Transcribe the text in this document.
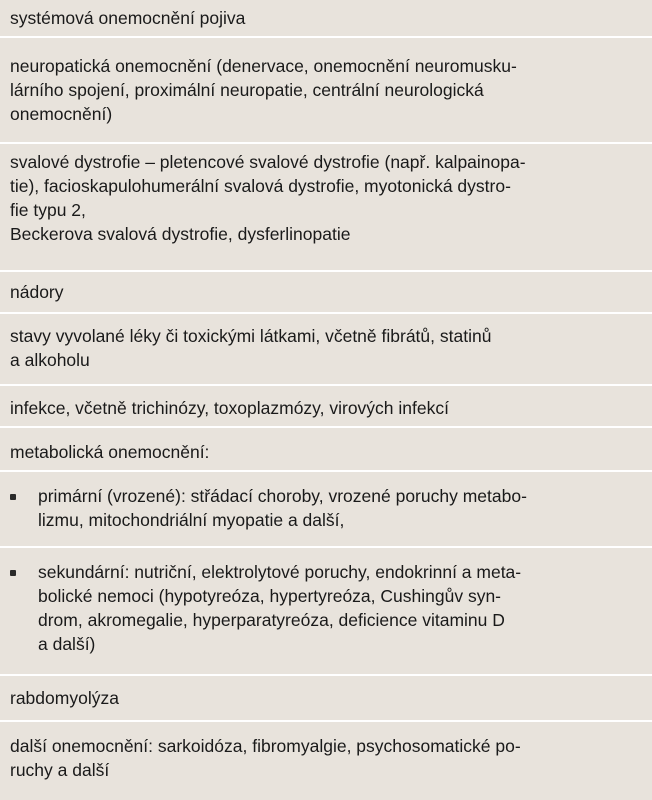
systémová onemocnění pojiva
neuropatická onemocnění (denervace, onemocnění neuromusku-
lárního spojení, proximální neuropatie, centrální neurologická
onemocnění)
svalové dystrofie – pletencové svalové dystrofie (např. kalpainopa-
tie), facioskapulohumerální svalová dystrofie, myotonická dystro-
fie typu 2,
Beckerova svalová dystrofie, dysferlinopatie
nádory
stavy vyvolané léky či toxickými látkami, včetně fibrátů, statinů
a alkoholu
infekce, včetně trichinózy, toxoplazmózy, virových infekcí
metabolická onemocnění:
primární (vrozené): střádací choroby, vrozené poruchy metabo-
lizmu, mitochondriální myopatie a další,
sekundární: nutriční, elektrolytové poruchy, endokrinní a meta-
bolické nemoci (hypotyreóza, hypertyreóza, Cushingův syn-
drom, akromegalie, hyperparatyreóza, deficience vitaminu D
a další)
rabdomyolýza
další onemocnění: sarkoidóza, fibromyalgie, psychosomatické po-
ruchy a další
